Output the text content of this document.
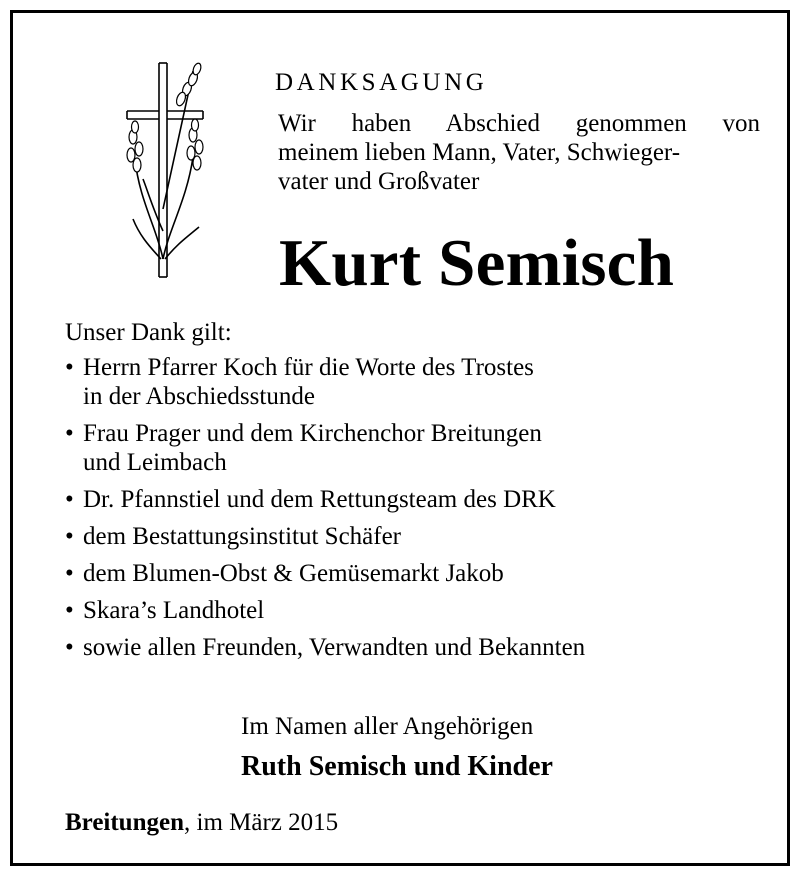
DANKSAGUNG
Wir haben Abschied genommen von
meinem lieben Mann, Vater, Schwieger-
vater und Großvater
Kurt Semisch
Unser Dank gilt:
• Herrn Pfarrer Koch für die Worte des Trostes
in der Abschiedsstunde
• Frau Prager und dem Kirchenchor Breitungen
und Leimbach
• Dr. Pfannstiel und dem Rettungsteam des DRK
• dem Bestattungsinstitut Schäfer
• dem Blumen-Obst & Gemüsemarkt Jakob
• Skara’s Landhotel
• sowie allen Freunden, Verwandten und Bekannten
Im Namen aller Angehörigen
Ruth Semisch und Kinder
Breitungen, im März 2015
